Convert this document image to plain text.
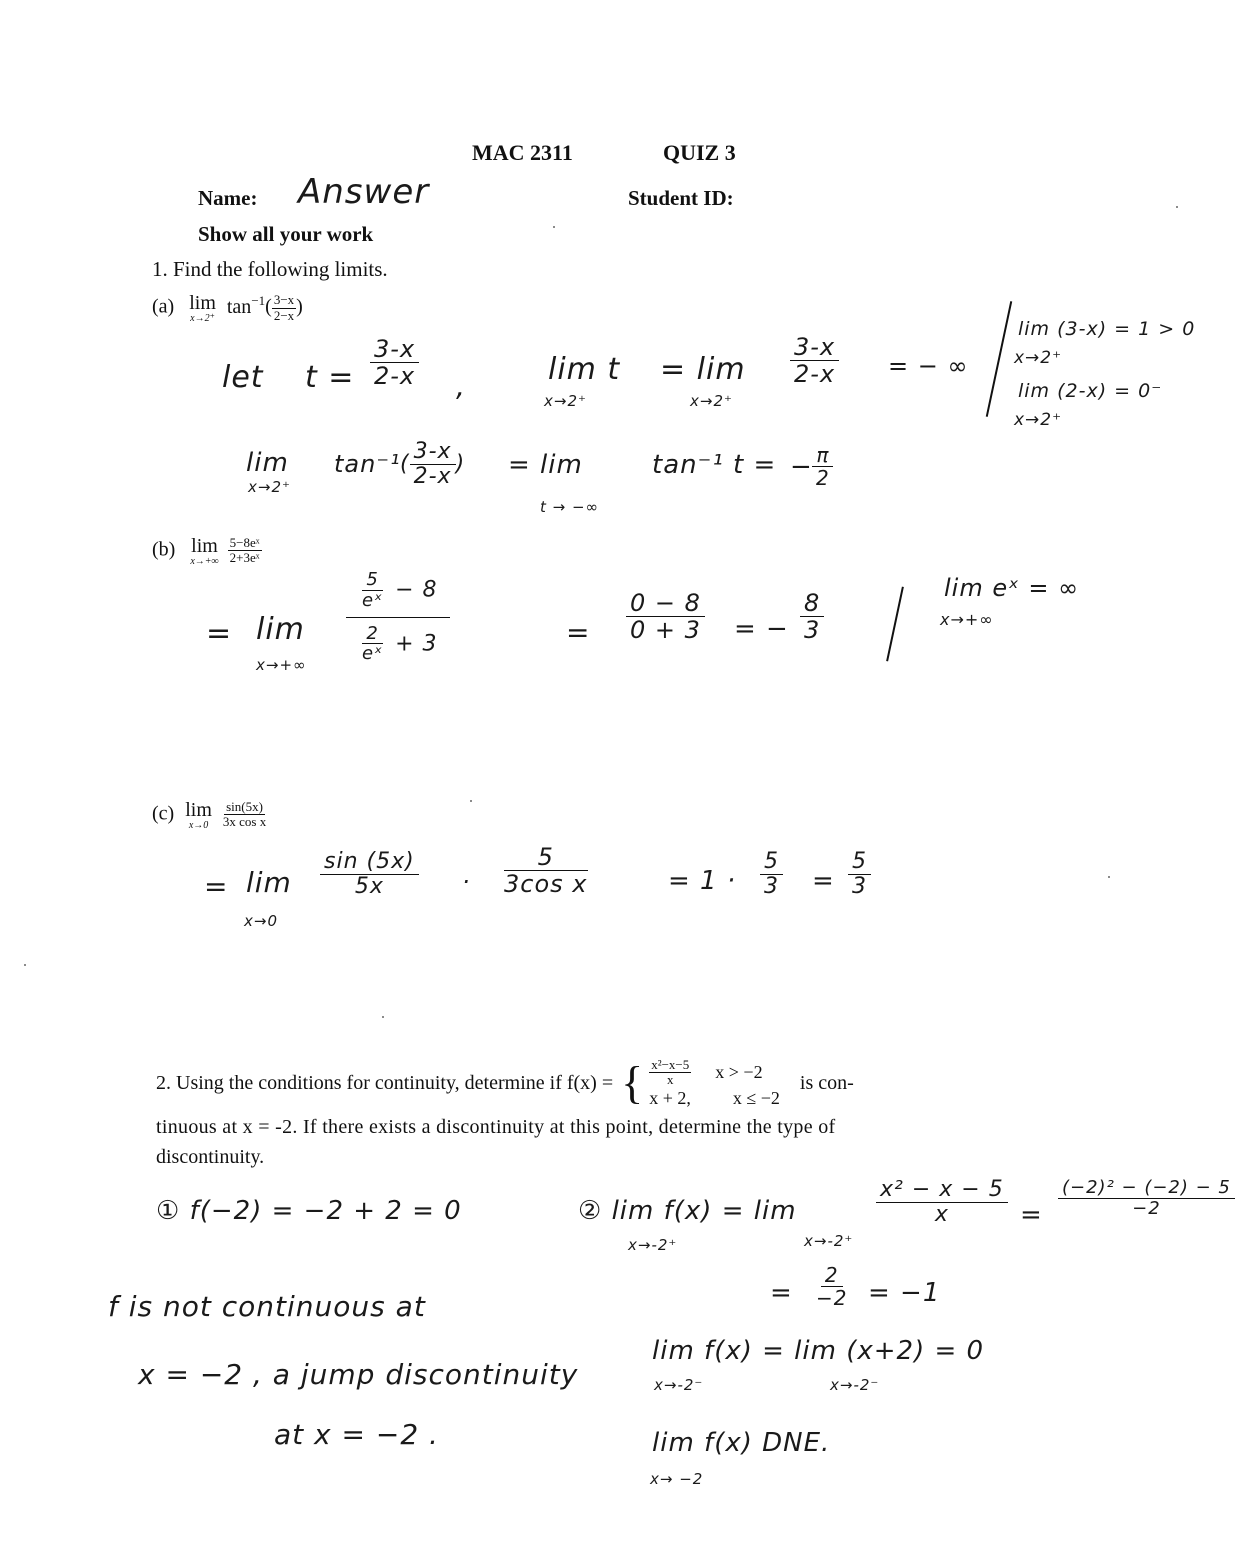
MAC 2311	QUIZ 3
Name: Answer	Student ID:
Show all your work
1. Find the following limits.
(a) lim
x→2⁺
$\tan^{-1}( \frac{3-x}{2-x}$ )
let $t = \frac{3-x}{2-x}$ ,	lim t
x→2⁺
= lim
x→2⁺
$\frac{3-x}{2-x}$ = − ∞
lim (3-x) = 1 > 0
x→2⁺
lim (2-x) = 0⁻
x→2⁺
lim
x→2⁺
tan⁻¹ ( $\frac{3-x}{2-x}$ ) = lim
t → −∞
tan⁻¹ t = − $\frac{\pi}{2}$
(b) lim
x→+∞
$\frac{\text{5−8eˣ}}{\text{2+3eˣ}}$
= lim
x→+∞
$\frac{\frac{5}{\text{eˣ}} - 8}{\frac{2}{\text{eˣ}} + 3}$	= $\frac{0 - 8}{0 + 3}$ = − $\frac{8}{3}$
lim eˣ = ∞
x→+∞
(c) lim
x→0
$\frac{\sin(5x)}{\text{3x cos x}}$
= lim
x→0
$\frac{\sin (5x)}{5x} \cdot \frac{5}{\text{3cos x}}$	= $1 \cdot \frac{5}{3} = \frac{5}{3}$
2. Using the conditions for continuity, determine if f(x) = { $\frac{\text{x²−x−5}}{x}$ x > −2
x + 2, x ≤ −2
is con-
tinuous at x = -2. If there exists a discontinuity at this point, determine the type of
discontinuity.
① f(−2) = −2 + 2 = 0	② lim f(x) = lim
x→-2⁺	x→-2⁺
$\frac{\text{x² − x − 5}}{x} = \frac{\text{(−2)² − (−2) − 5}}{-2}$
= $\frac{2}{-2} = -1$
lim f(x) = lim (x+2) = 0
x→-2⁻	x→-2⁻
lim f(x) DNE.
x→ −2
f is not continuous at
x = −2 , a jump discontinuity
at x = −2 .
